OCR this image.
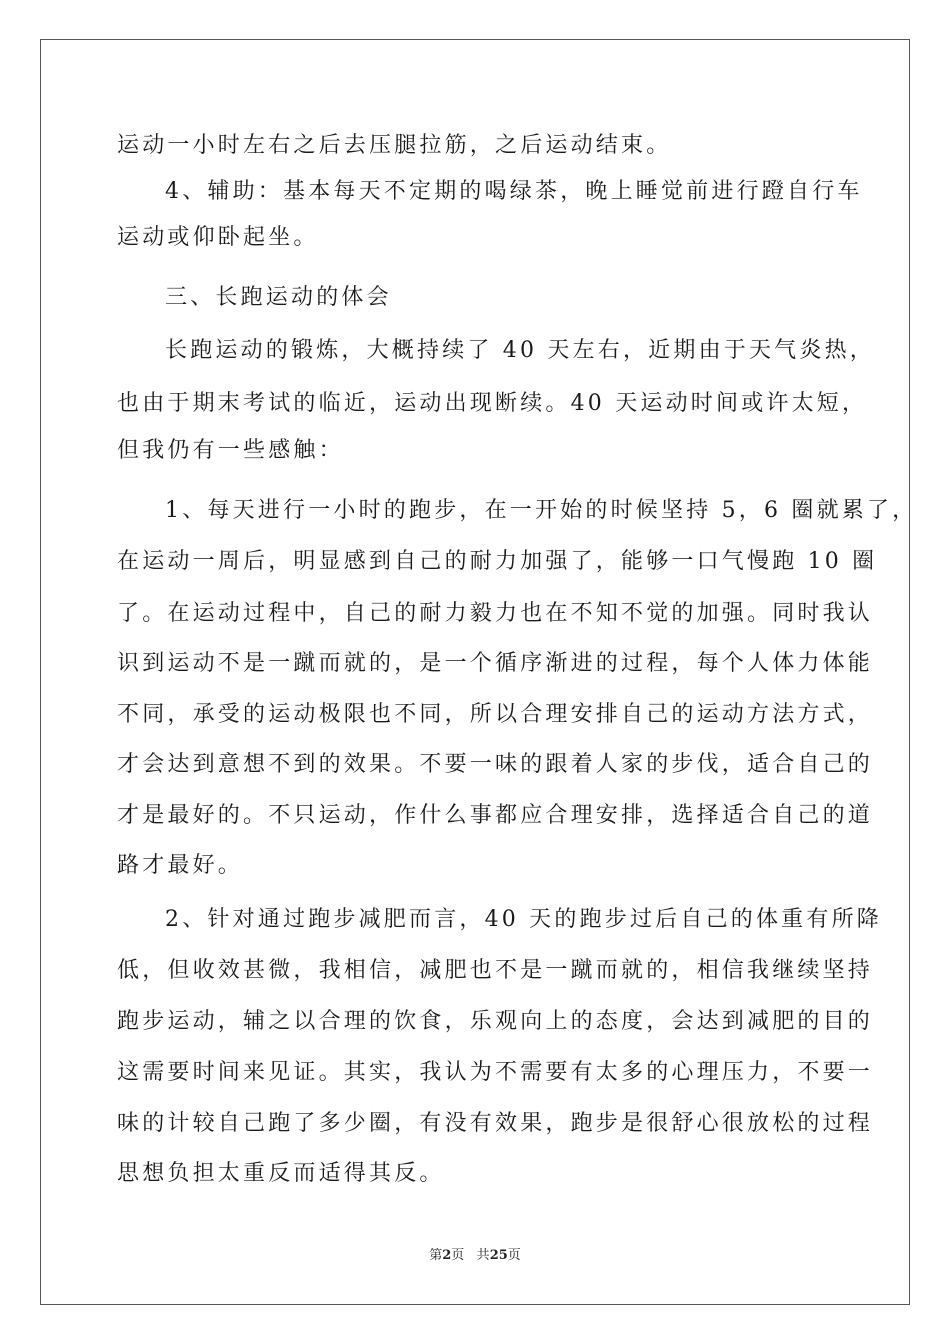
运动一小时左右之后去压腿拉筋，之后运动结束。
4、辅助：基本每天不定期的喝绿茶，晚上睡觉前进行蹬自行车
运动或仰卧起坐。
三、长跑运动的体会
长跑运动的锻炼，大概持续了 40 天左右，近期由于天气炎热，
也由于期末考试的临近，运动出现断续。40 天运动时间或许太短，
但我仍有一些感触：
1、每天进行一小时的跑步，在一开始的时候坚持 5，6 圈就累了，
在运动一周后，明显感到自己的耐力加强了，能够一口气慢跑 10 圈
了。在运动过程中，自己的耐力毅力也在不知不觉的加强。同时我认
识到运动不是一蹴而就的，是一个循序渐进的过程，每个人体力体能
不同，承受的运动极限也不同，所以合理安排自己的运动方法方式，
才会达到意想不到的效果。不要一味的跟着人家的步伐，适合自己的
才是最好的。不只运动，作什么事都应合理安排，选择适合自己的道
路才最好。
2、针对通过跑步减肥而言，40 天的跑步过后自己的体重有所降
低，但收效甚微，我相信，减肥也不是一蹴而就的，相信我继续坚持
跑步运动，辅之以合理的饮食，乐观向上的态度，会达到减肥的目的
这需要时间来见证。其实，我认为不需要有太多的心理压力，不要一
味的计较自己跑了多少圈，有没有效果，跑步是很舒心很放松的过程
思想负担太重反而适得其反。
第2页 共25页
